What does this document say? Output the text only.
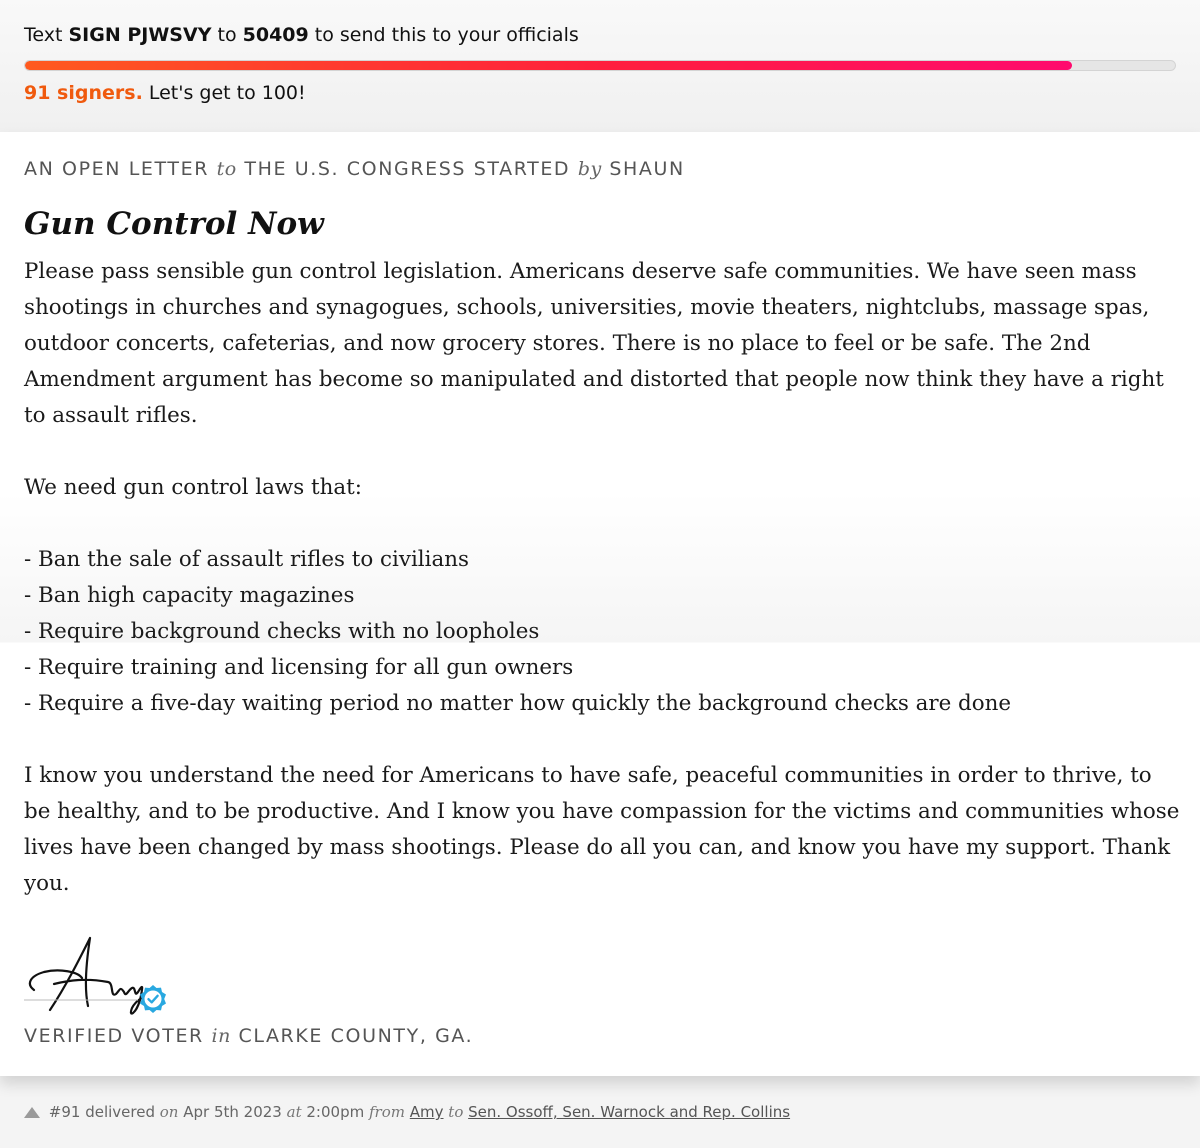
Text SIGN PJWSVY to 50409 to send this to your officials
91 signers. Let's get to 100!
AN OPEN LETTER to THE U.S. CONGRESS STARTED by SHAUN
Gun Control Now
Please pass sensible gun control legislation. Americans deserve safe communities. We have seen mass shootings in churches and synagogues, schools, universities, movie theaters, nightclubs, massage spas, outdoor concerts, cafeterias, and now grocery stores. There is no place to feel or be safe. The 2nd Amendment argument has become so manipulated and distorted that people now think they have a right to assault rifles.

We need gun control laws that:

- Ban the sale of assault rifles to civilians
- Ban high capacity magazines
- Require background checks with no loopholes
- Require training and licensing for all gun owners
- Require a five-day waiting period no matter how quickly the background checks are done

I know you understand the need for Americans to have safe, peaceful communities in order to thrive, to be healthy, and to be productive. And I know you have compassion for the victims and communities whose lives have been changed by mass shootings. Please do all you can, and know you have my support. Thank you.
VERIFIED VOTER in CLARKE COUNTY, GA.
#91 delivered on Apr 5th 2023 at 2:00pm from Amy to Sen. Ossoff, Sen. Warnock and Rep. Collins
